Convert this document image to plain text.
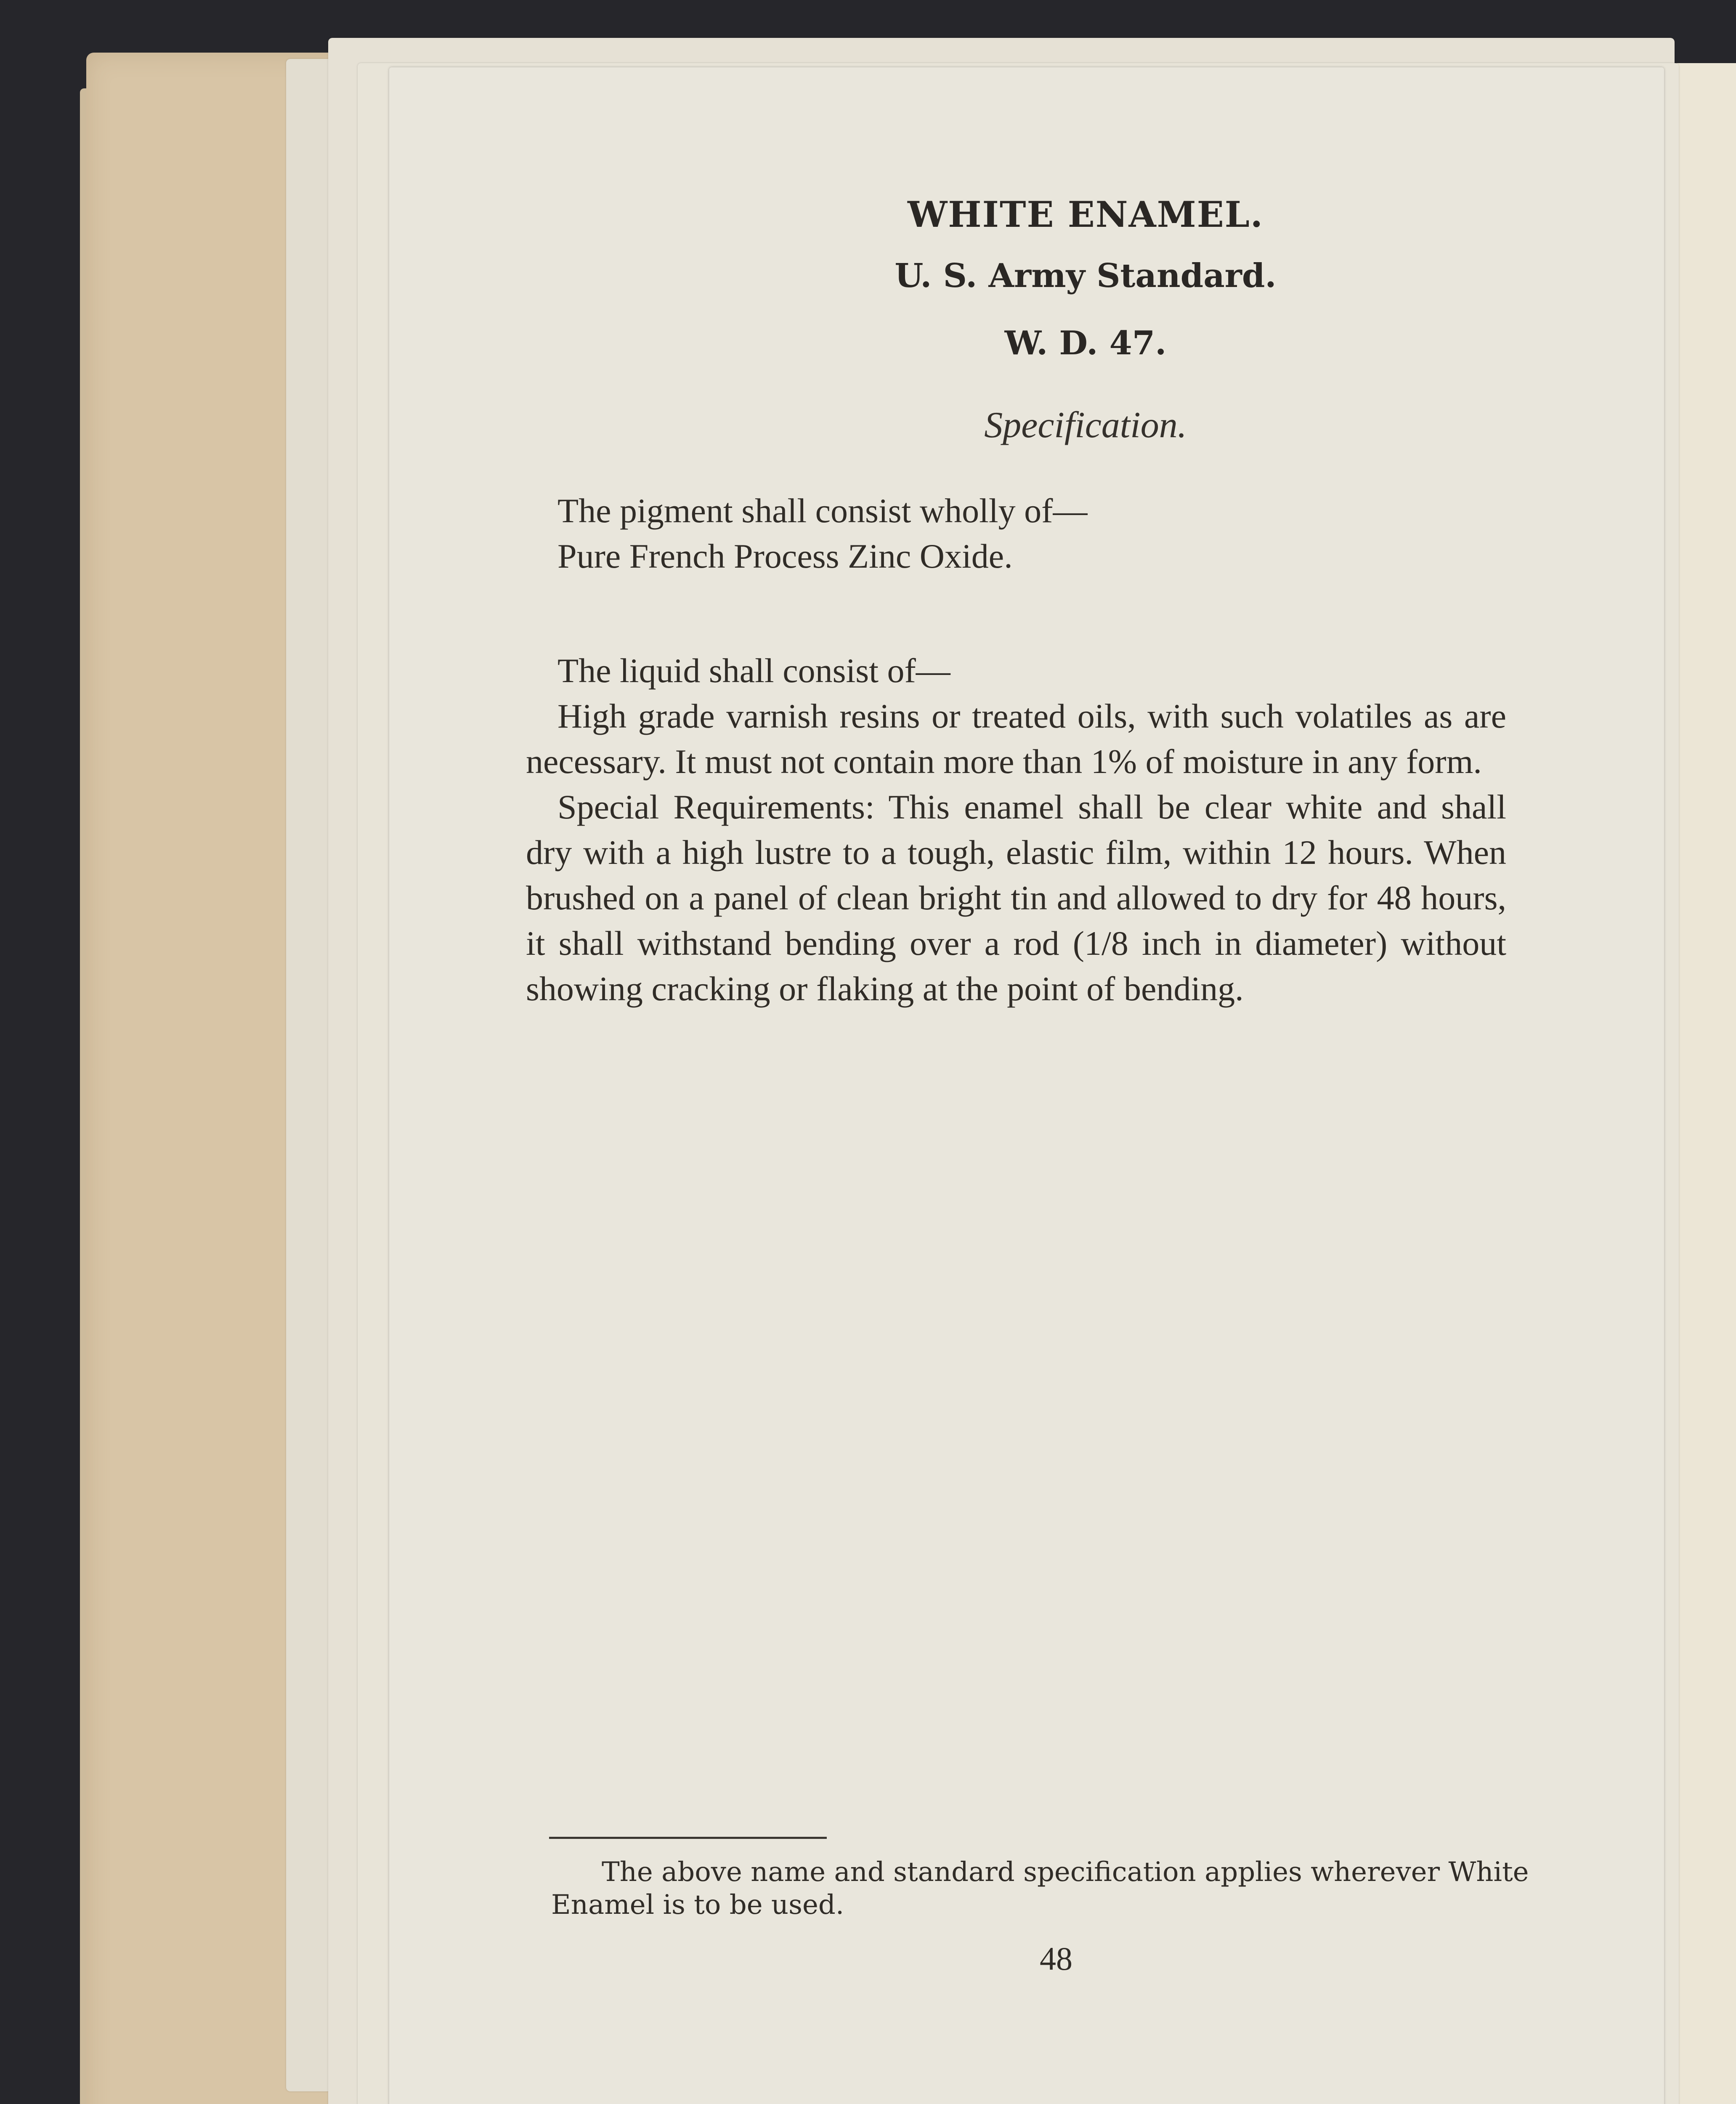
WHITE ENAMEL.
U. S. Army Standard.
W. D. 47.
Specification.

The pigment shall consist wholly of—

Pure French Process Zinc Oxide.

The liquid shall consist of—

High grade varnish resins or treated oils, with such volatiles as are necessary. It must not contain more than 1% of moisture in any form.

Special Requirements: This enamel shall be clear white and shall dry with a high lustre to a tough, elastic film, within 12 hours. When brushed on a panel of clean bright tin and allowed to dry for 48 hours, it shall withstand bending over a rod (1/8 inch in diameter) without showing cracking or flaking at the point of bending.

The above name and standard specification applies wherever White Enamel is to be used.
48
